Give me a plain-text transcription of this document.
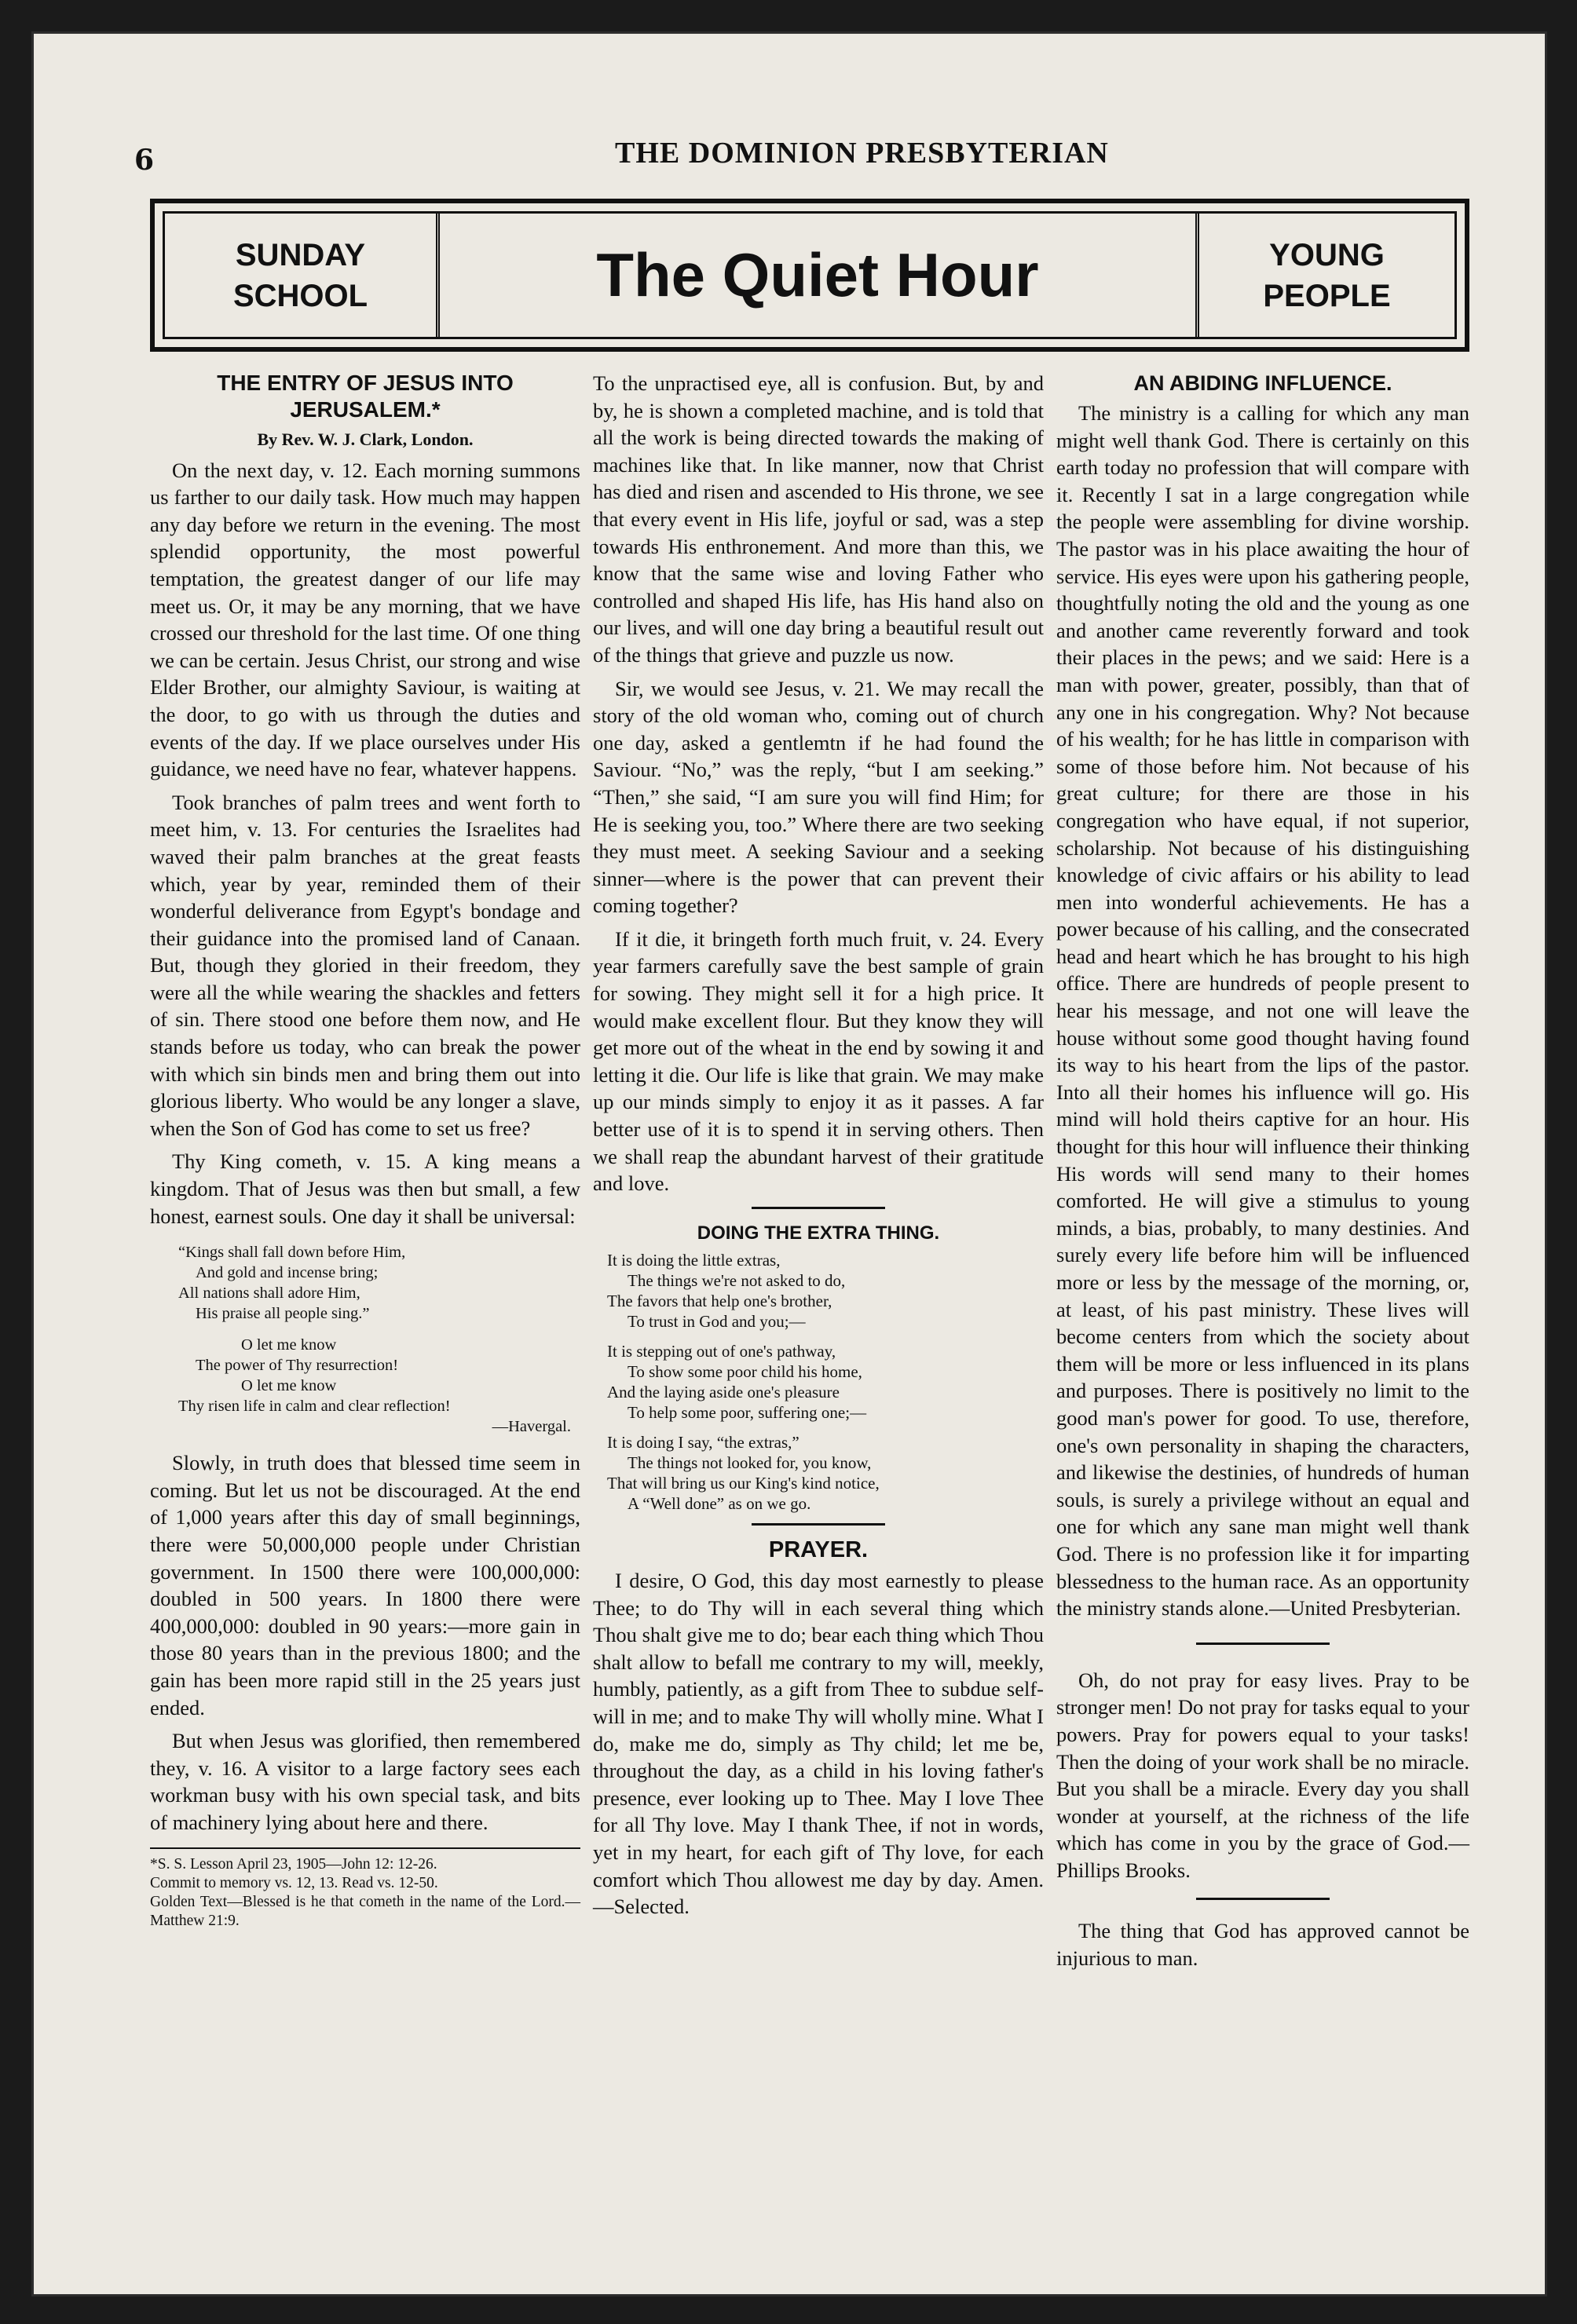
6	THE DOMINION PRESBYTERIAN
SUNDAY
SCHOOL	The Quiet Hour	YOUNG
PEOPLE
THE ENTRY OF JESUS INTO JERUSALEM.*
By Rev. W. J. Clark, London.

On the next day, v. 12. Each morning summons us farther to our daily task. How much may happen any day before we return in the evening. The most splendid opportunity, the most powerful temptation, the greatest danger of our life may meet us. Or, it may be any morning, that we have crossed our threshold for the last time. Of one thing we can be certain. Jesus Christ, our strong and wise Elder Brother, our almighty Saviour, is waiting at the door, to go with us through the duties and events of the day. If we place ourselves under His guidance, we need have no fear, whatever happens.

Took branches of palm trees and went forth to meet him, v. 13. For centuries the Israelites had waved their palm branches at the great feasts which, year by year, reminded them of their wonderful deliverance from Egypt's bondage and their guidance into the promised land of Canaan. But, though they gloried in their freedom, they were all the while wearing the shackles and fetters of sin. There stood one before them now, and He stands before us today, who can break the power with which sin binds men and bring them out into glorious liberty. Who would be any longer a slave, when the Son of God has come to set us free?

Thy King cometh, v. 15. A king means a kingdom. That of Jesus was then but small, a few honest, earnest souls. One day it shall be universal:

“Kings shall fall down before Him,
And gold and incense bring;
All nations shall adore Him,
His praise all people sing.”
O let me know
The power of Thy resurrection!
O let me know
Thy risen life in calm and clear reflection!
—Havergal.

Slowly, in truth does that blessed time seem in coming. But let us not be discouraged. At the end of 1,000 years after this day of small beginnings, there were 50,000,000 people under Christian government. In 1500 there were 100,000,000: doubled in 500 years. In 1800 there were 400,000,000: doubled in 90 years:—more gain in those 80 years than in the previous 1800; and the gain has been more rapid still in the 25 years just ended.

But when Jesus was glorified, then remembered they, v. 16. A visitor to a large factory sees each workman busy with his own special task, and bits of machinery lying about here and there.

*S. S. Lesson April 23, 1905—John 12: 12-26.
Commit to memory vs. 12, 13. Read vs. 12-50.
Golden Text—Blessed is he that cometh in the name of the Lord.—Matthew 21:9.

To the unpractised eye, all is confusion. But, by and by, he is shown a completed machine, and is told that all the work is being directed towards the making of machines like that. In like manner, now that Christ has died and risen and ascended to His throne, we see that every event in His life, joyful or sad, was a step towards His enthronement. And more than this, we know that the same wise and loving Father who controlled and shaped His life, has His hand also on our lives, and will one day bring a beautiful result out of the things that grieve and puzzle us now.

Sir, we would see Jesus, v. 21. We may recall the story of the old woman who, coming out of church one day, asked a gentlemtn if he had found the Saviour. “No,” was the reply, “but I am seeking.” “Then,” she said, “I am sure you will find Him; for He is seeking you, too.” Where there are two seeking they must meet. A seeking Saviour and a seeking sinner—where is the power that can prevent their coming together?

If it die, it bringeth forth much fruit, v. 24. Every year farmers carefully save the best sample of grain for sowing. They might sell it for a high price. It would make excellent flour. But they know they will get more out of the wheat in the end by sowing it and letting it die. Our life is like that grain. We may make up our minds simply to enjoy it as it passes. A far better use of it is to spend it in serving others. Then we shall reap the abundant harvest of their gratitude and love.

DOING THE EXTRA THING.
It is doing the little extras,
The things we're not asked to do,
The favors that help one's brother,
To trust in God and you;—
It is stepping out of one's pathway,
To show some poor child his home,
And the laying aside one's pleasure
To help some poor, suffering one;—
It is doing I say, “the extras,”
The things not looked for, you know,
That will bring us our King's kind notice,
A “Well done” as on we go.
PRAYER.

I desire, O God, this day most earnestly to please Thee; to do Thy will in each several thing which Thou shalt give me to do; bear each thing which Thou shalt allow to befall me contrary to my will, meekly, humbly, patiently, as a gift from Thee to subdue self-will in me; and to make Thy will wholly mine. What I do, make me do, simply as Thy child; let me be, throughout the day, as a child in his loving father's presence, ever looking up to Thee. May I love Thee for all Thy love. May I thank Thee, if not in words, yet in my heart, for each gift of Thy love, for each comfort which Thou allowest me day by day. Amen.—Selected.

AN ABIDING INFLUENCE.

The ministry is a calling for which any man might well thank God. There is certainly on this earth today no profession that will compare with it. Recently I sat in a large congregation while the people were assembling for divine worship. The pastor was in his place awaiting the hour of service. His eyes were upon his gathering people, thoughtfully noting the old and the young as one and another came reverently forward and took their places in the pews; and we said: Here is a man with power, greater, possibly, than that of any one in his congregation. Why? Not because of his wealth; for he has little in comparison with some of those before him. Not because of his great culture; for there are those in his congregation who have equal, if not superior, scholarship. Not because of his distinguishing knowledge of civic affairs or his ability to lead men into wonderful achievements. He has a power because of his calling, and the consecrated head and heart which he has brought to his high office. There are hundreds of people present to hear his message, and not one will leave the house without some good thought having found its way to his heart from the lips of the pastor. Into all their homes his influence will go. His mind will hold theirs captive for an hour. His thought for this hour will influence their thinking His words will send many to their homes comforted. He will give a stimulus to young minds, a bias, probably, to many destinies. And surely every life before him will be influenced more or less by the message of the morning, or, at least, of his past ministry. These lives will become centers from which the society about them will be more or less influenced in its plans and purposes. There is positively no limit to the good man's power for good. To use, therefore, one's own personality in shaping the characters, and likewise the destinies, of hundreds of human souls, is surely a privilege without an equal and one for which any sane man might well thank God. There is no profession like it for imparting blessedness to the human race. As an opportunity the ministry stands alone.—United Presbyterian.

Oh, do not pray for easy lives. Pray to be stronger men! Do not pray for tasks equal to your powers. Pray for powers equal to your tasks! Then the doing of your work shall be no miracle. But you shall be a miracle. Every day you shall wonder at yourself, at the richness of the life which has come in you by the grace of God.—Phillips Brooks.

The thing that God has approved cannot be injurious to man.
